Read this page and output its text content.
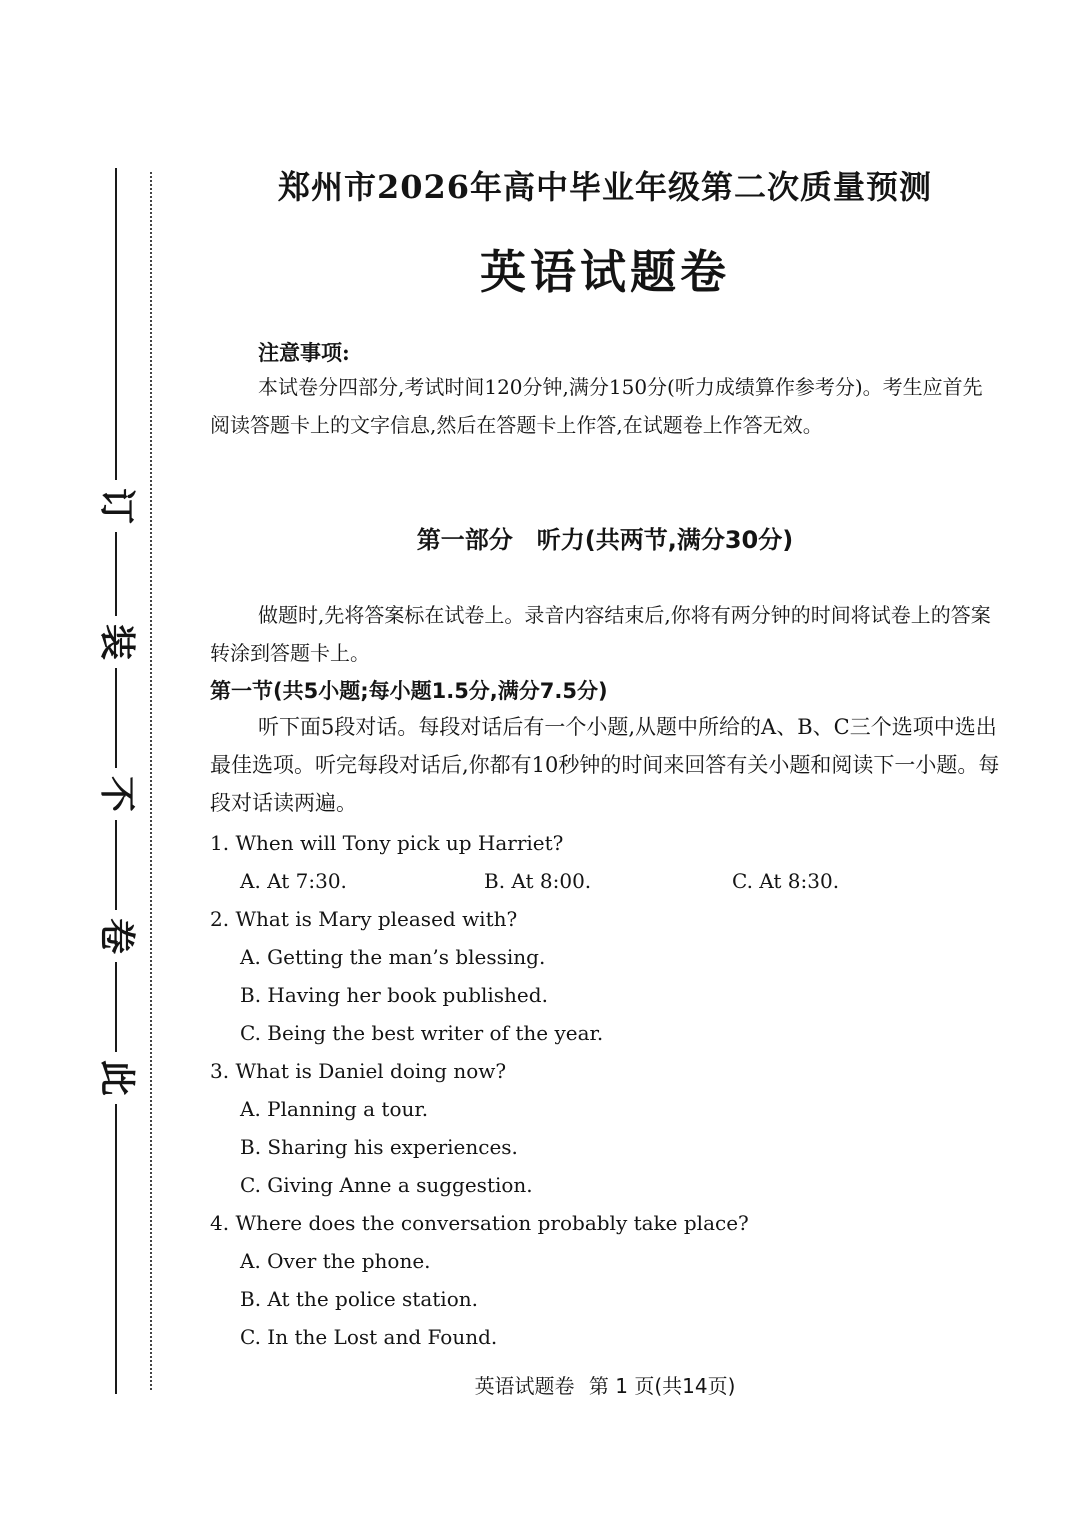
订
装
不
卷
此
郑州市2026年高中毕业年级第二次质量预测
英语试题卷
注意事项:
本试卷分四部分,考试时间120分钟,满分150分(听力成绩算作参考分)。考生应首先阅读答题卡上的文字信息,然后在答题卡上作答,在试题卷上作答无效。
第一部分　听力(共两节,满分30分)
做题时,先将答案标在试卷上。录音内容结束后,你将有两分钟的时间将试卷上的答案转涂到答题卡上。
第一节(共5小题;每小题1.5分,满分7.5分)
听下面5段对话。每段对话后有一个小题,从题中所给的A、B、C三个选项中选出最佳选项。听完每段对话后,你都有10秒钟的时间来回答有关小题和阅读下一小题。每段对话读两遍。
1. When will Tony pick up Harriet?
A. At 7:30.	B. At 8:00.	C. At 8:30.
2. What is Mary pleased with?
A. Getting the man’s blessing.
B. Having her book published.
C. Being the best writer of the year.
3. What is Daniel doing now?
A. Planning a tour.
B. Sharing his experiences.
C. Giving Anne a suggestion.
4. Where does the conversation probably take place?
A. Over the phone.
B. At the police station.
C. In the Lost and Found.
英语试题卷 第 1 页(共14页)
